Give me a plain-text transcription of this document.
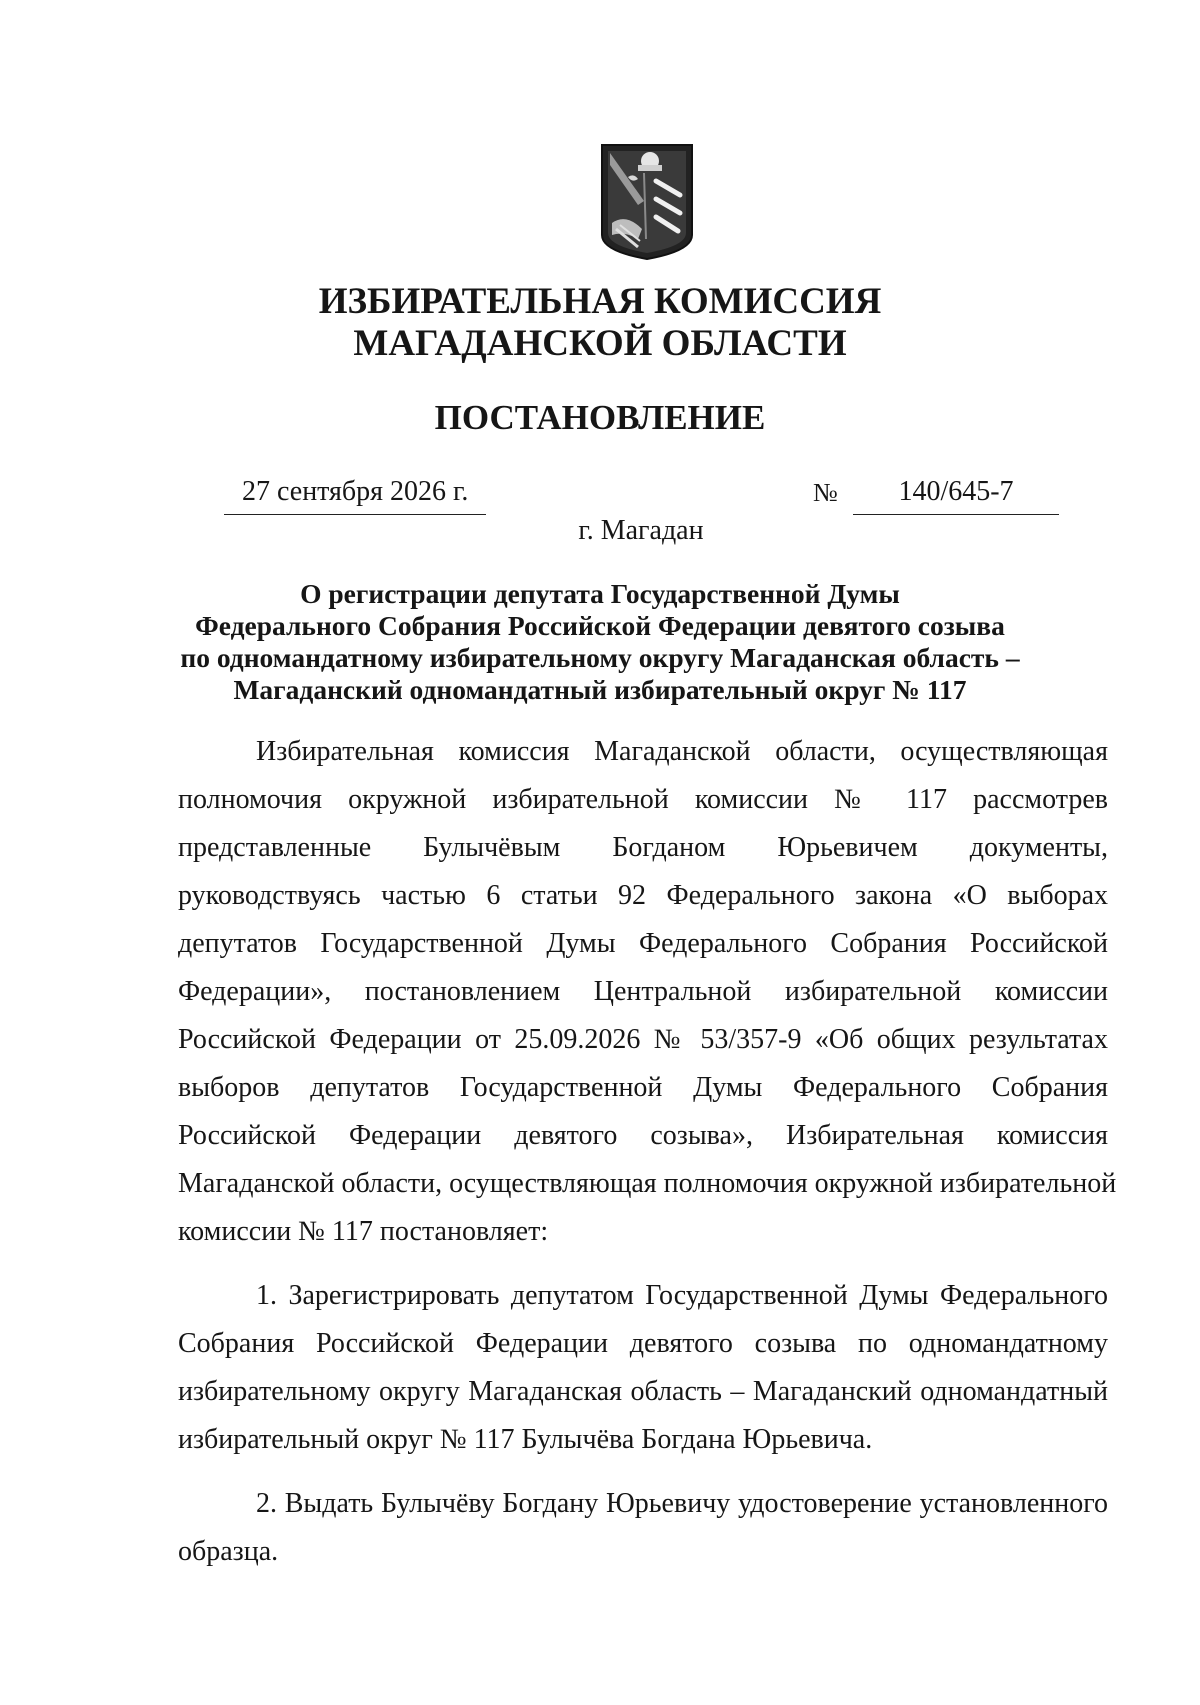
ИЗБИРАТЕЛЬНАЯ КОМИССИЯ
МАГАДАНСКОЙ ОБЛАСТИ
ПОСТАНОВЛЕНИЕ
27 сентября 2026 г.	№	140/645-7
г. Магадан
О регистрации депутата Государственной Думы
Федерального Собрания Российской Федерации девятого созыва
по одномандатному избирательному округу Магаданская область –
Магаданский одномандатный избирательный округ № 117

Избирательная комиссия Магаданской области, осуществляющая
полномочия окружной избирательной комиссии № 117 рассмотрев
представленные Булычёвым Богданом Юрьевичем документы,
руководствуясь частью 6 статьи 92 Федерального закона «О выборах
депутатов Государственной Думы Федерального Собрания Российской
Федерации», постановлением Центральной избирательной комиссии
Российской Федерации от 25.09.2026 № 53/357-9 «Об общих результатах
выборов депутатов Государственной Думы Федерального Собрания
Российской Федерации девятого созыва», Избирательная комиссия
Магаданской области, осуществляющая полномочия окружной избирательной
комиссии № 117 постановляет:

1. Зарегистрировать депутатом Государственной Думы Федерального
Собрания Российской Федерации девятого созыва по одномандатному
избирательному округу Магаданская область – Магаданский одномандатный
избирательный округ № 117 Булычёва Богдана Юрьевича.

2. Выдать Булычёву Богдану Юрьевичу удостоверение установленного
образца.
